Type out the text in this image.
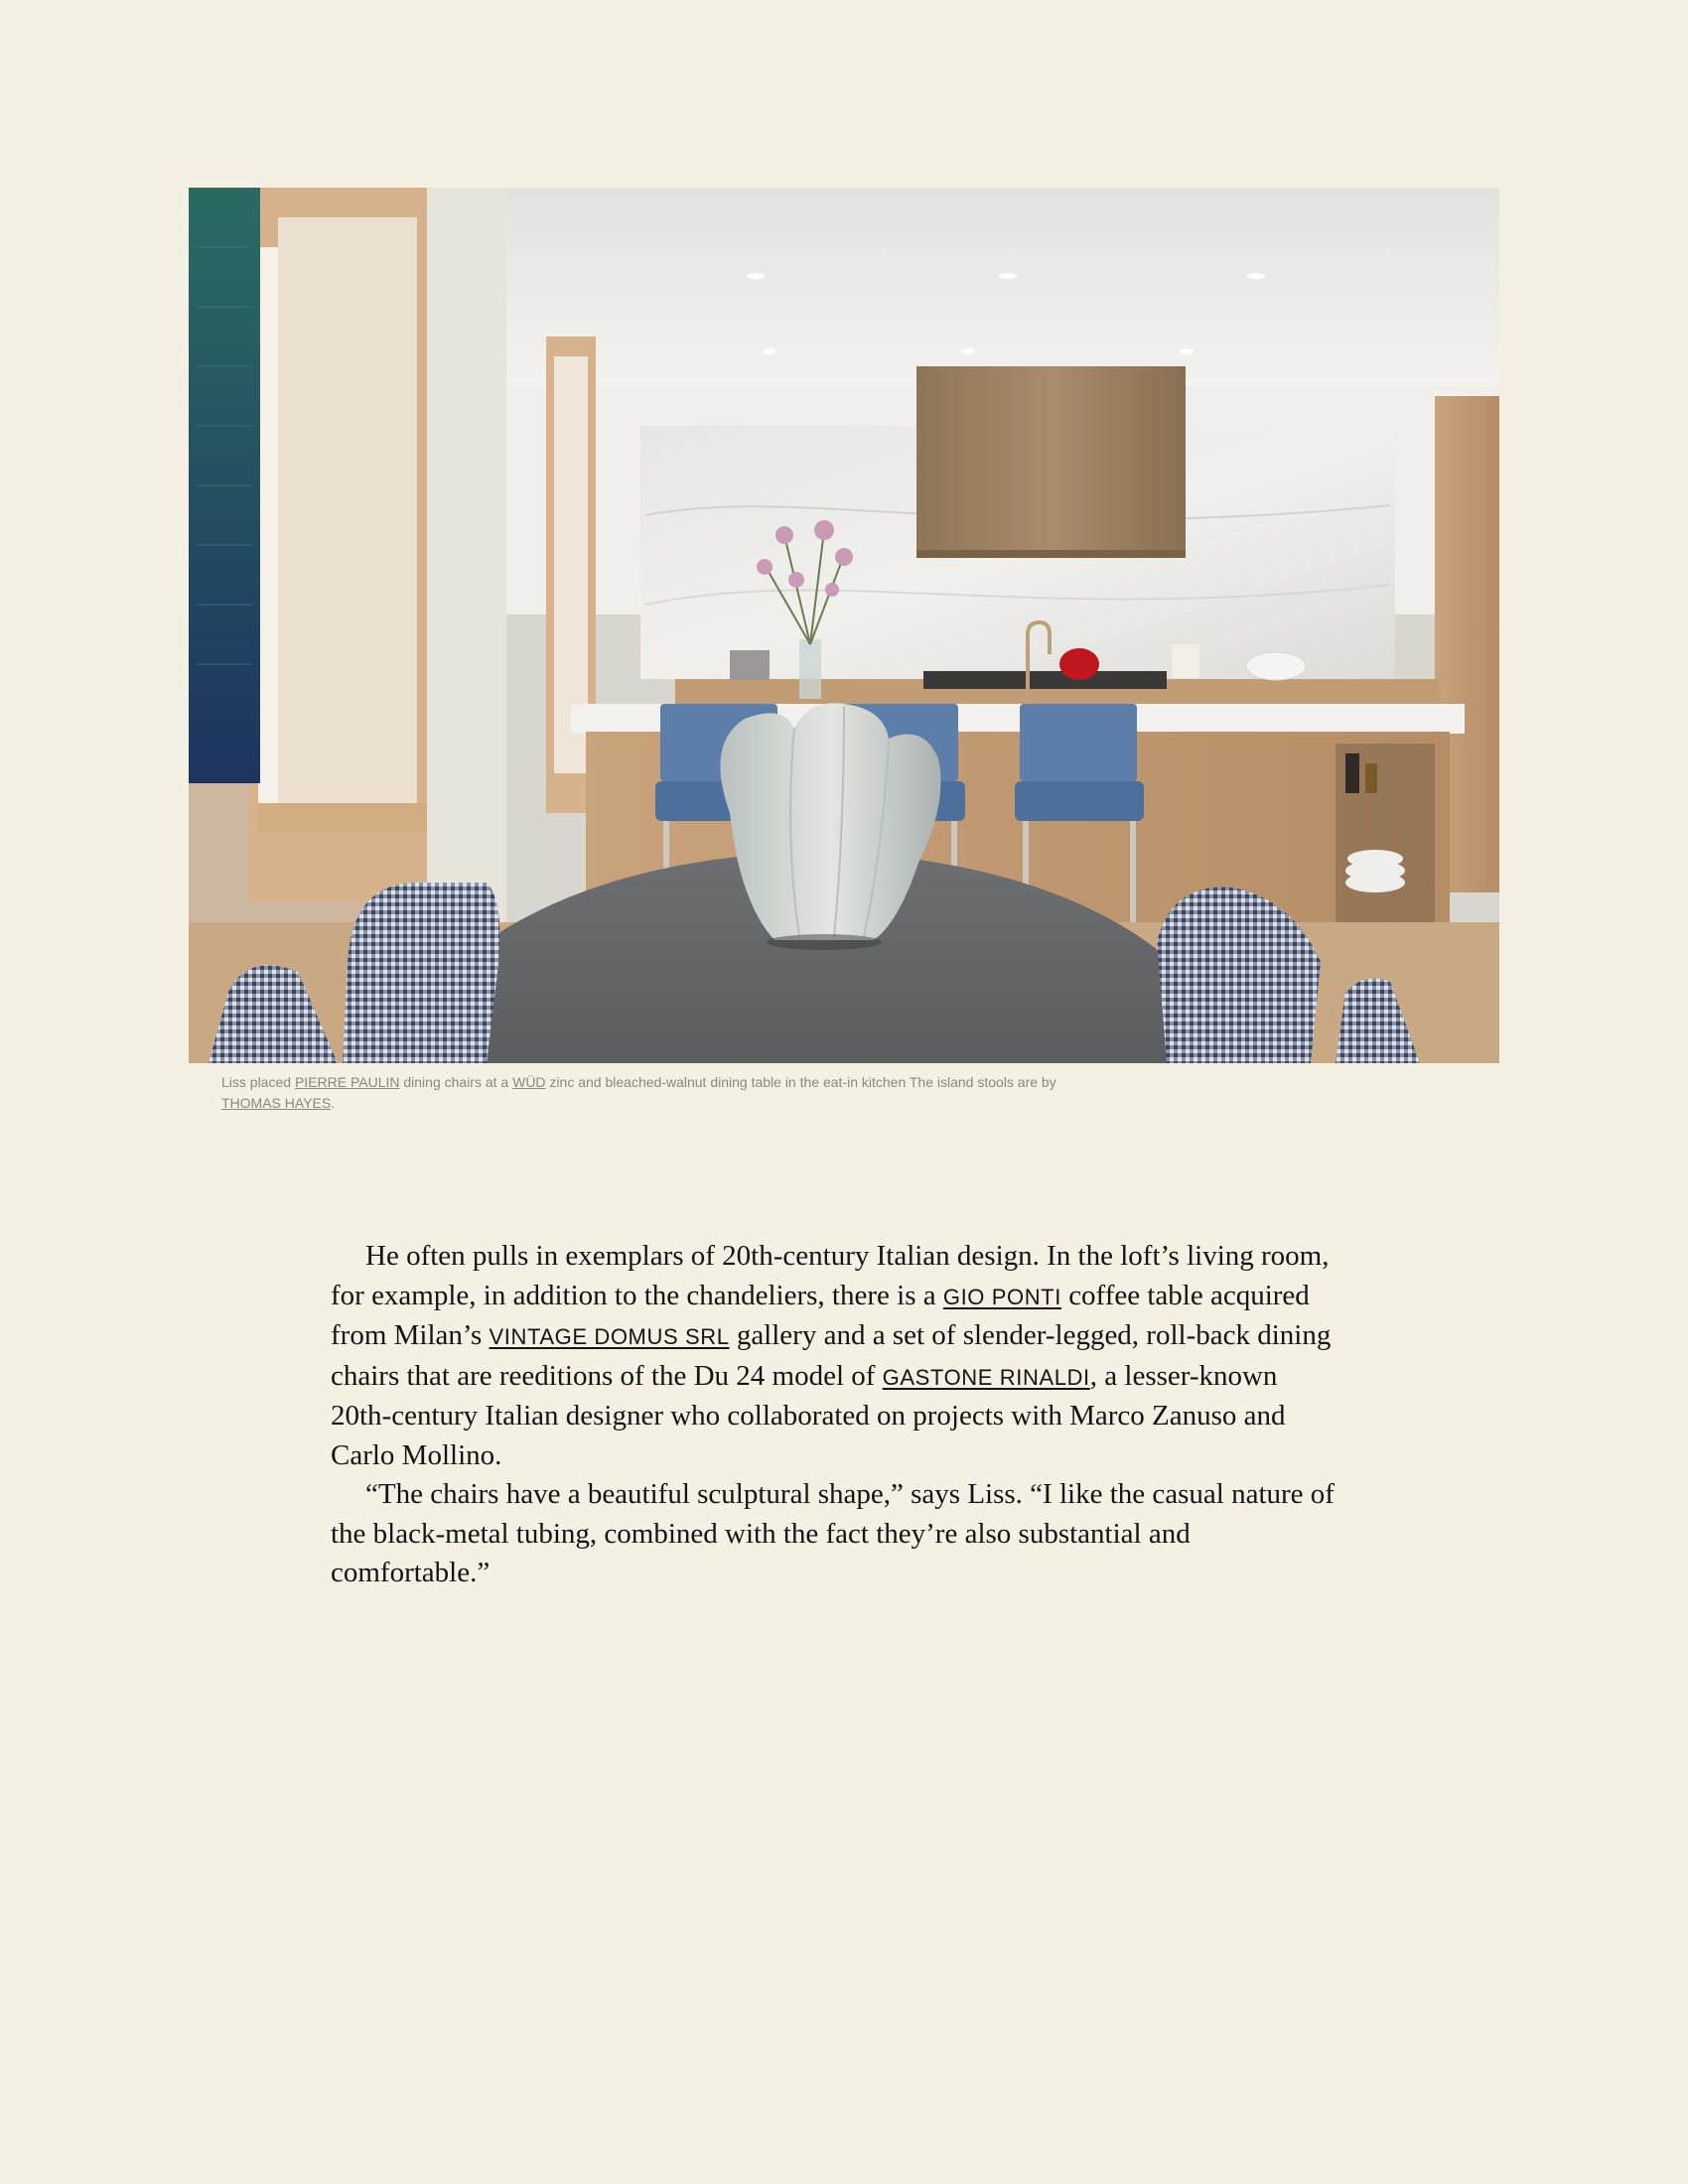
Liss placed PIERRE PAULIN dining chairs at a WÜD zinc and bleached-walnut dining table in the eat-in kitchen The island stools are by THOMAS HAYES.

He often pulls in exemplars of 20th-century Italian design. In the loft’s living room, for example, in addition to the chandeliers, there is a GIO PONTI coffee table acquired from Milan’s VINTAGE DOMUS SRL gallery and a set of slender-legged, roll-back dining chairs that are reeditions of the Du 24 model of GASTONE RINALDI, a lesser-known 20th-century Italian designer who collaborated on projects with Marco Zanuso and Carlo Mollino.

“The chairs have a beautiful sculptural shape,” says Liss. “I like the casual nature of the black-metal tubing, combined with the fact they’re also substantial and comfortable.”
